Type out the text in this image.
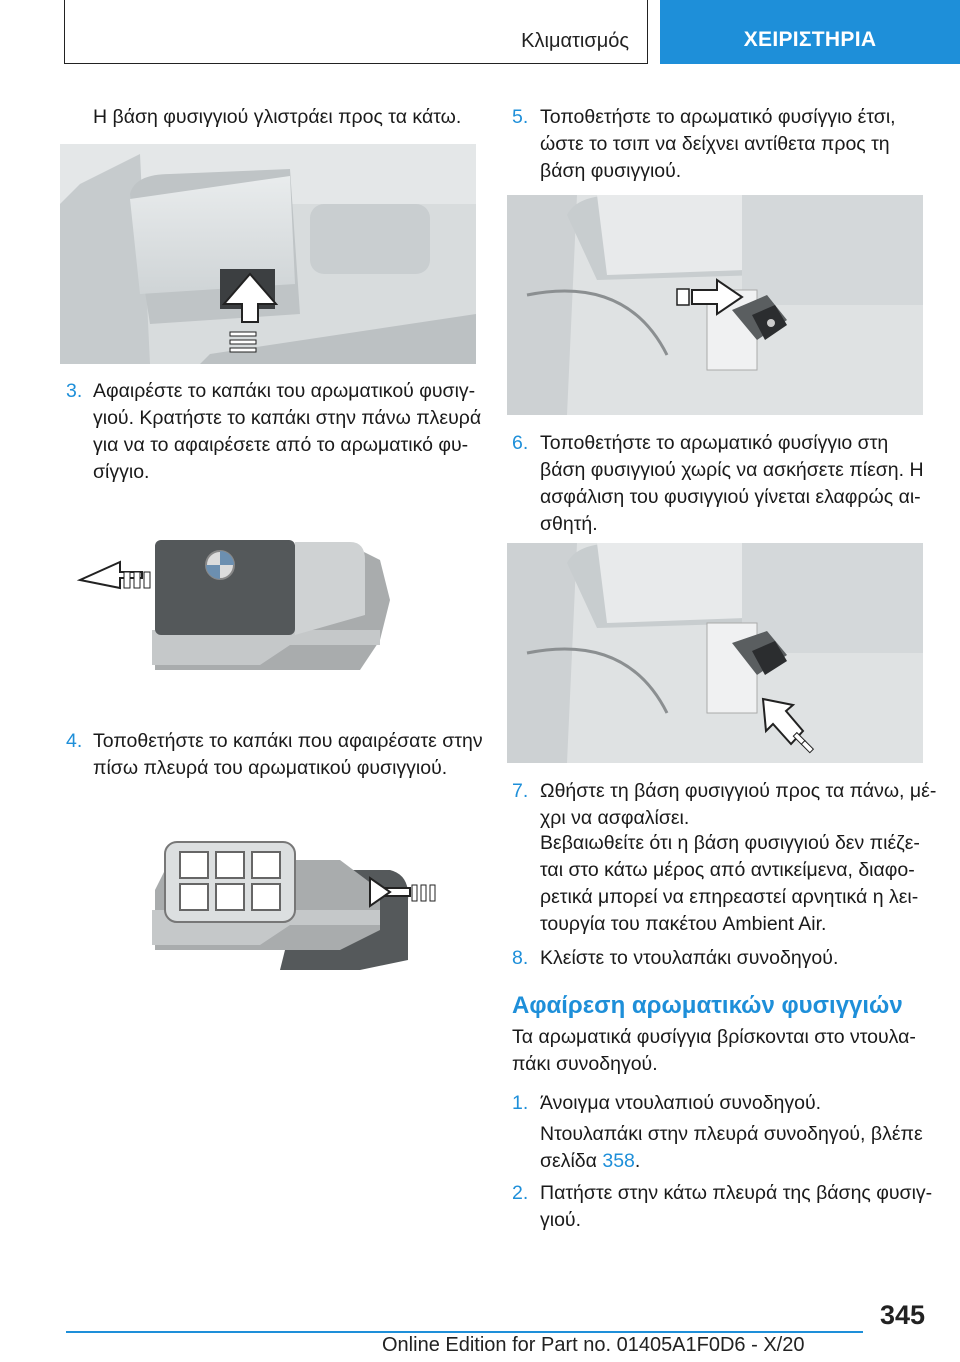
Κλιματισμός	ΧΕΙΡΙΣΤΗΡΙΑ
Η βάση φυσιγγιού γλιστράει προς τα κάτω.
3. Αφαιρέστε το καπάκι του αρωματικού φυσιγ‐
γιού. Κρατήστε το καπάκι στην πάνω πλευρά
για να το αφαιρέσετε από το αρωματικό φυ‐
σίγγιο.
4. Τοποθετήστε το καπάκι που αφαιρέσατε στην
πίσω πλευρά του αρωματικού φυσιγγιού.
5. Τοποθετήστε το αρωματικό φυσίγγιο έτσι,
ώστε το τσιπ να δείχνει αντίθετα προς τη
βάση φυσιγγιού.
6. Τοποθετήστε το αρωματικό φυσίγγιο στη
βάση φυσιγγιού χωρίς να ασκήσετε πίεση. Η
ασφάλιση του φυσιγγιού γίνεται ελαφρώς αι‐
σθητή.
7. Ωθήστε τη βάση φυσιγγιού προς τα πάνω, μέ‐
χρι να ασφαλίσει.
Βεβαιωθείτε ότι η βάση φυσιγγιού δεν πιέζε‐
ται στο κάτω μέρος από αντικείμενα, διαφο‐
ρετικά μπορεί να επηρεαστεί αρνητικά η λει‐
τουργία του πακέτου Ambient Air.
8. Κλείστε το ντουλαπάκι συνοδηγού.
Αφαίρεση αρωματικών φυσιγγιών
Τα αρωματικά φυσίγγια βρίσκονται στο ντουλα‐
πάκι συνοδηγού.
1. Άνοιγμα ντουλαπιού συνοδηγού.
Ντουλαπάκι στην πλευρά συνοδηγού, βλέπε
σελίδα 358.
2. Πατήστε στην κάτω πλευρά της βάσης φυσιγ‐
γιού.
345
Online Edition for Part no. 01405A1F0D6 - X/20
